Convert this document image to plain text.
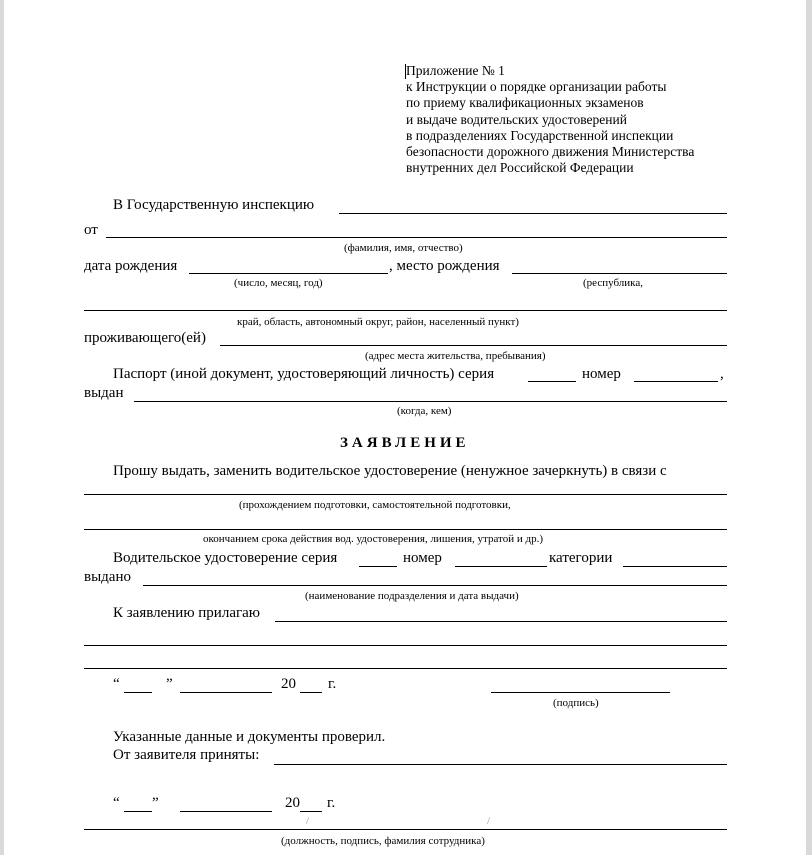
Приложение № 1
к Инструкции о порядке организации работы
по приему квалификационных экзаменов
и выдаче водительских удостоверений
в подразделениях Государственной инспекции
безопасности дорожного движения Министерства
внутренних дел Российской Федерации
В Государственную инспекцию
от
(фамилия, имя, отчество)
дата рождения	, место рождения
(число, месяц, год)	(республика,
край, область, автономный округ, район, населенный пункт)
проживающего(ей)
(адрес места жительства, пребывания)
Паспорт (иной документ, удостоверяющий личность) серия	номер	,
выдан
(когда, кем)
ЗАЯВЛЕНИЕ
Прошу выдать, заменить водительское удостоверение (ненужное зачеркнуть) в связи с
(прохождением подготовки, самостоятельной подготовки,
окончанием срока действия вод. удостоверения, лишения, утратой и др.)
Водительское удостоверение серия	номер	категории
выдано
(наименование подразделения и дата выдачи)
К заявлению прилагаю
“	”	20 г.
(подпись)
Указанные данные и документы проверил.
От заявителя приняты:
“ ”	20 г.
/	/
(должность, подпись, фамилия сотрудника)
